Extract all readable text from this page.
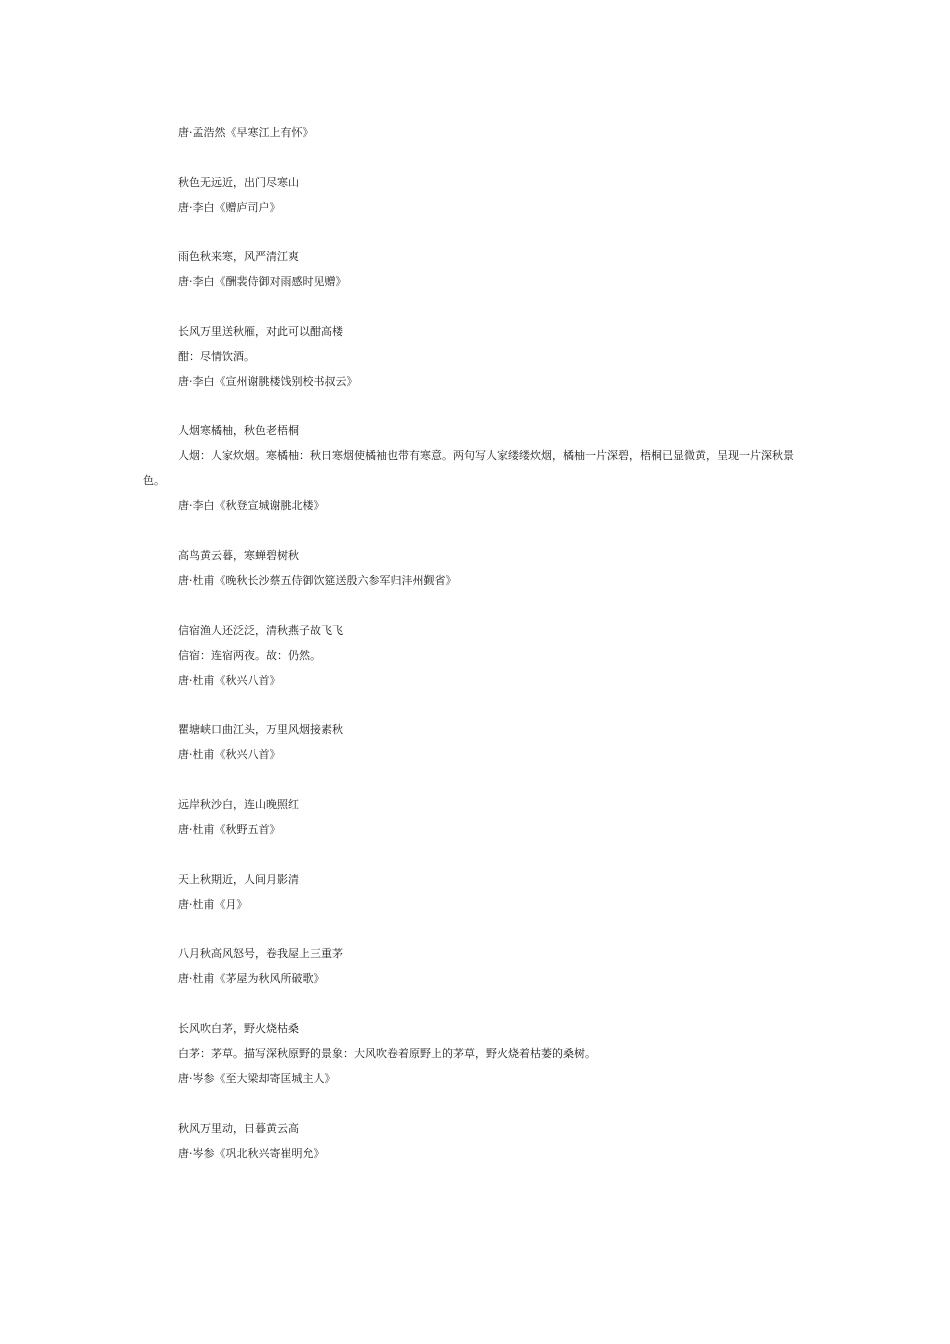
唐·孟浩然《早寒江上有怀》

秋色无远近，出门尽寒山

唐·李白《赠庐司户》

雨色秋来寒，风严清江爽

唐·李白《酬裴侍御对雨感时见赠》

长风万里送秋雁，对此可以酣高楼

酣：尽情饮酒。

唐·李白《宣州谢朓楼饯别校书叔云》

人烟寒橘柚，秋色老梧桐

人烟：人家炊烟。寒橘柚：秋日寒烟使橘袖也带有寒意。两句写人家缕缕炊烟，橘柚一片深碧，梧桐已显微黄，呈现一片深秋景

色。

唐·李白《秋登宣城谢朓北楼》

高鸟黄云暮，寒蝉碧树秋

唐·杜甫《晚秋长沙蔡五侍御饮筵送殷六参军归沣州觐省》

信宿渔人还泛泛，清秋燕子故飞飞

信宿：连宿两夜。故：仍然。

唐·杜甫《秋兴八首》

瞿塘峡口曲江头，万里风烟接素秋

唐·杜甫《秋兴八首》

远岸秋沙白，连山晚照红

唐·杜甫《秋野五首》

天上秋期近，人间月影清

唐·杜甫《月》

八月秋高风怒号，卷我屋上三重茅

唐·杜甫《茅屋为秋风所破歌》

长风吹白茅，野火烧枯桑

白茅：茅草。描写深秋原野的景象：大风吹卷着原野上的茅草，野火烧着枯萎的桑树。

唐·岑参《至大梁却寄匡城主人》

秋风万里动，日暮黄云高

唐·岑参《巩北秋兴寄崔明允》
